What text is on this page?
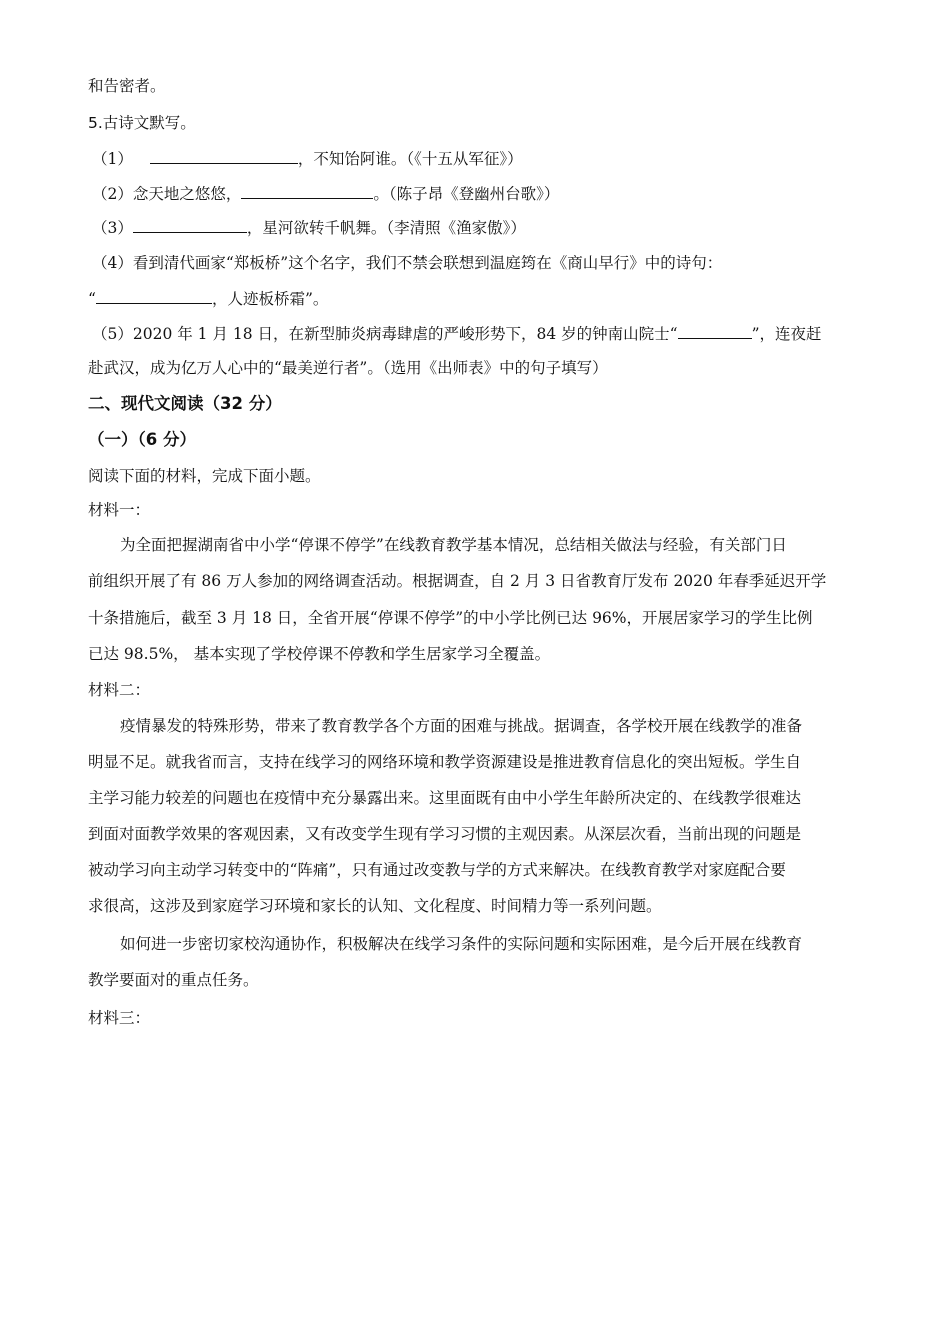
和告密者。
5.古诗文默写。
（1）	，不知饴阿谁。（《十五从军征》）
（2）念天地之悠悠，	。（陈子昂《登幽州台歌》）
（3）	，星河欲转千帆舞。（李清照《渔家傲》）
（4）看到清代画家“郑板桥”这个名字，我们不禁会联想到温庭筠在《商山早行》中的诗句：
“	，人迹板桥霜”。
（5）2020 年 1 月 18 日，在新型肺炎病毒肆虐的严峻形势下，84 岁的钟南山院士“	”，连夜赶
赴武汉，成为亿万人心中的“最美逆行者”。（选用《出师表》中的句子填写）
二、现代文阅读（32 分）
（一）（6 分）
阅读下面的材料，完成下面小题。
材料一：
为全面把握湖南省中小学“停课不停学”在线教育教学基本情况，总结相关做法与经验，有关部门日
前组织开展了有 86 万人参加的网络调查活动。根据调查，自 2 月 3 日省教育厅发布 2020 年春季延迟开学
十条措施后，截至 3 月 18 日，全省开展“停课不停学”的中小学比例已达 96%，开展居家学习的学生比例
已达 98.5%， 基本实现了学校停课不停教和学生居家学习全覆盖。
材料二：
疫情暴发的特殊形势，带来了教育教学各个方面的困难与挑战。据调查，各学校开展在线教学的准备
明显不足。就我省而言，支持在线学习的网络环境和教学资源建设是推进教育信息化的突出短板。学生自
主学习能力较差的问题也在疫情中充分暴露出来。这里面既有由中小学生年龄所决定的、在线教学很难达
到面对面教学效果的客观因素，又有改变学生现有学习习惯的主观因素。从深层次看，当前出现的问题是
被动学习向主动学习转变中的“阵痛”，只有通过改变教与学的方式来解决。在线教育教学对家庭配合要
求很高，这涉及到家庭学习环境和家长的认知、文化程度、时间精力等一系列问题。
如何进一步密切家校沟通协作，积极解决在线学习条件的实际问题和实际困难，是今后开展在线教育
教学要面对的重点任务。
材料三：
